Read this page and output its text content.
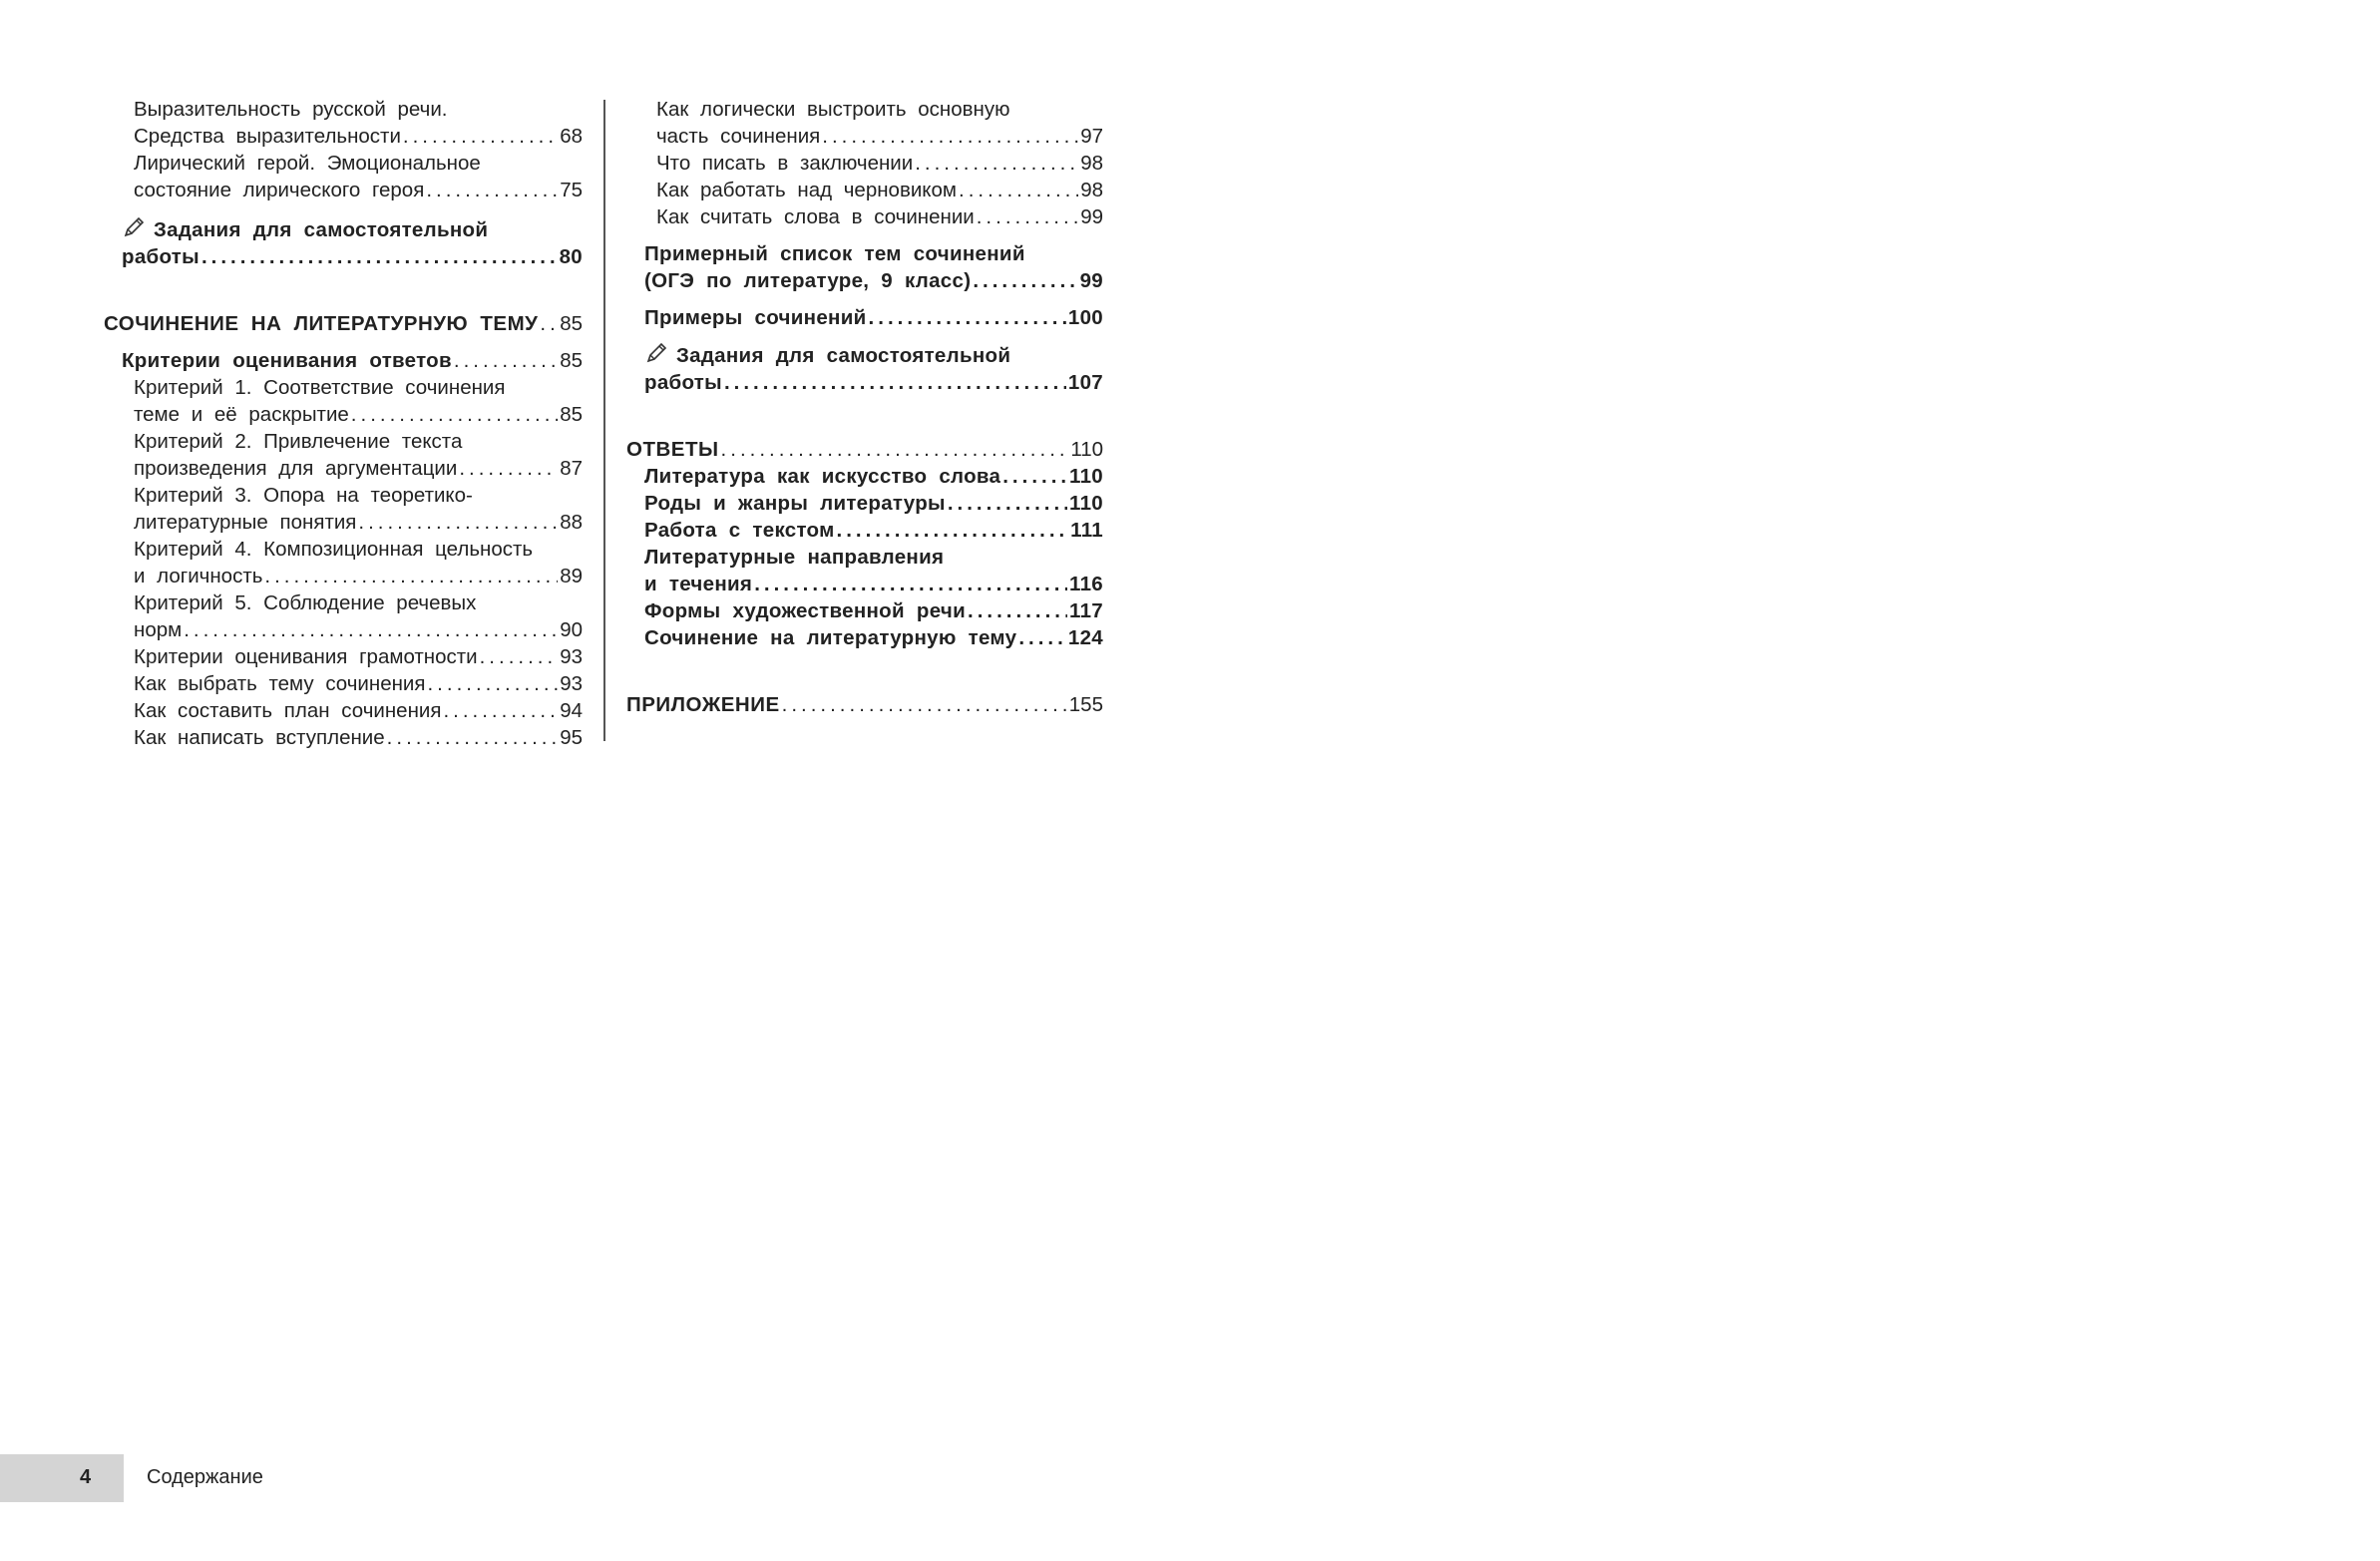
Выразительность русской речи.
Средства выразительности .....	68
Лирический герой. Эмоциональное
состояние лирического героя .....	75
Задания для самостоятельной
работы .....	80
СОЧИНЕНИЕ НА ЛИТЕРАТУРНУЮ ТЕМУ ..... 85
Критерии оценивания ответов .....	85
Критерий 1. Соответствие сочинения
теме и её раскрытие .....	85
Критерий 2. Привлечение текста
произведения для аргументации .....	87
Критерий 3. Опора на теоретико-
литературные понятия .....	88
Критерий 4. Композиционная цельность
и логичность .....	89
Критерий 5. Соблюдение речевых
норм .....	90
Критерии оценивания грамотности .....	93
Как выбрать тему сочинения .....	93
Как составить план сочинения .....	94
Как написать вступление .....	95
Как логически выстроить основную
часть сочинения .....	97
Что писать в заключении .....	98
Как работать над черновиком .....	98
Как считать слова в сочинении .....	99
Примерный список тем сочинений
(ОГЭ по литературе, 9 класс) .....	99
Примеры сочинений .....	100
Задания для самостоятельной
работы .....	107
ОТВЕТЫ .....	110
Литература как искусство слова .....	110
Роды и жанры литературы .....	110
Работа с текстом .....	111
Литературные направления
и течения .....	116
Формы художественной речи .....	117
Сочинение на литературную тему .....	124
ПРИЛОЖЕНИЕ .....	155
4	Содержание
